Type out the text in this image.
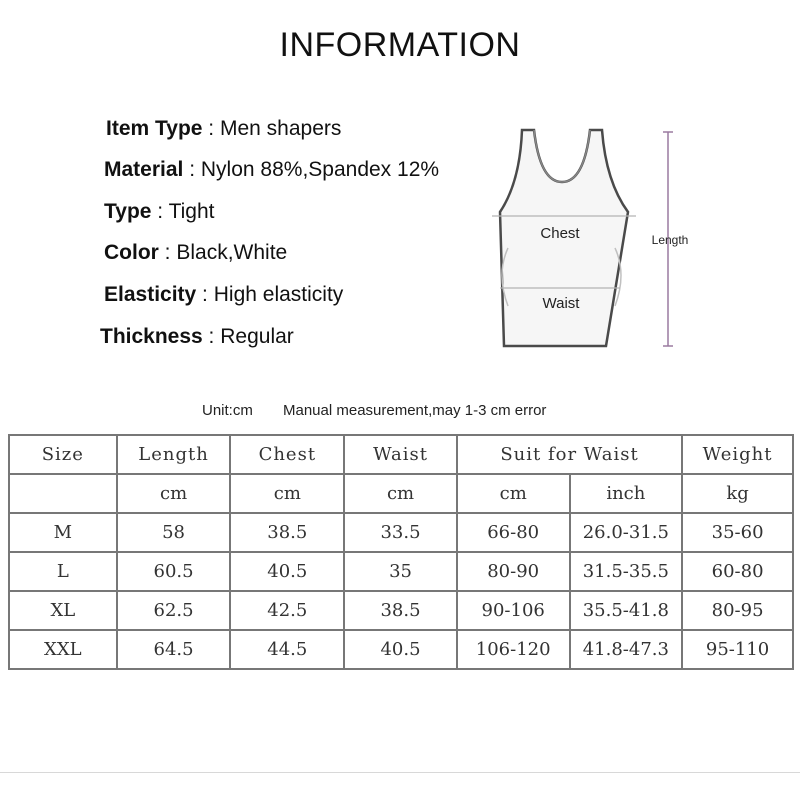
INFORMATION
Item Type : Men shapers
Material : Nylon 88%,Spandex 12%
Type : Tight
Color : Black,White
Elasticity : High elasticity
Thickness : Regular
Chest
Waist
Length
Unit:cm Manual measurement,may 1-3 cm error
Size	Length	Chest	Waist	Suit for Waist		Weight
	cm	cm	cm	cm	inch	kg
M	58	38.5	33.5	66-80	26.0-31.5	35-60
L	60.5	40.5	35	80-90	31.5-35.5	60-80
XL	62.5	42.5	38.5	90-106	35.5-41.8	80-95
XXL	64.5	44.5	40.5	106-120	41.8-47.3	95-110
